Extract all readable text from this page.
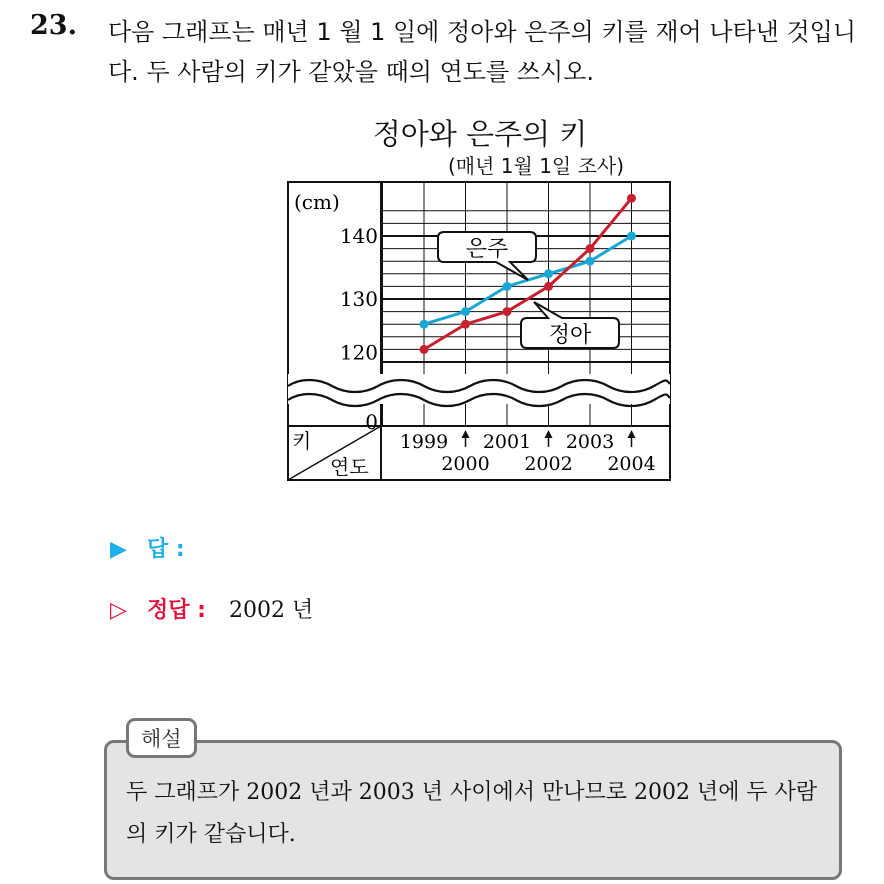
23. 다음 그래프는 매년 1 월 1 일에 정아와 은주의 키를 재어 나타낸 것입니다. 두 사람의 키가 같았을 때의 연도를 쓰시오.
정아와 은주의 키
(매년 1월 1일 조사)
(cm)
140
130
120
0
1999 2001 2003
2000 2002 2004
키
연도
은주
정아
▶ 답 :
▷ 정답 : 2002 년
해설
두 그래프가 2002 년과 2003 년 사이에서 만나므로 2002 년에 두 사람의 키가 같습니다.
